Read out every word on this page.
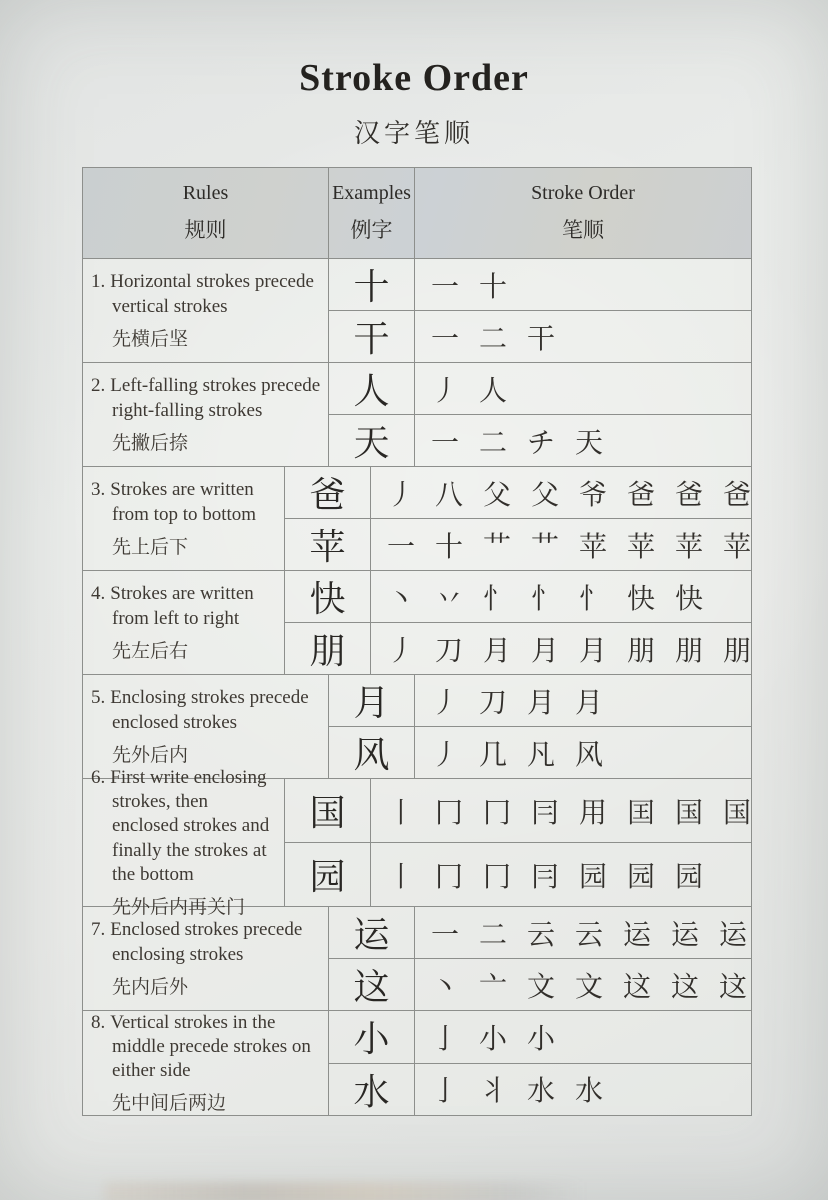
Stroke Order
汉字笔顺
Rules
规则
Examples
例字
Stroke Order
笔顺
1. Horizontal strokes precede vertical strokes
先横后坚
十	一 十
干	一 二 干
2. Left-falling strokes precede right-falling strokes
先撇后捺
人	丿 人
天	一 二 チ 天
3. Strokes are written from top to bottom
先上后下
爸	丿 八 父 父 爷 爸 爸 爸
苹	一 十 艹 艹 苹 苹 苹 苹
4. Strokes are written from left to right
先左后右
快	丶 丷 忄 忄 忄 快 快
朋	丿 刀 月 月 月 朋 朋 朋
5. Enclosing strokes precede enclosed strokes
先外后内
月	丿 刀 月 月
风	丿 几 凡 风
6. First write enclosing strokes, then enclosed strokes and finally the strokes at the bottom
先外后内再关门
国	丨 冂 冂 冃 用 囯 国 国
园	丨 冂 冂 冃 园 园 园
7. Enclosed strokes precede enclosing strokes
先内后外
运	一 二 云 云 运 运 运
这	丶 亠 文 文 这 这 这
8. Vertical strokes in the middle precede strokes on either side
先中间后两边
小	亅 小 小
水	亅 丬 水 水
